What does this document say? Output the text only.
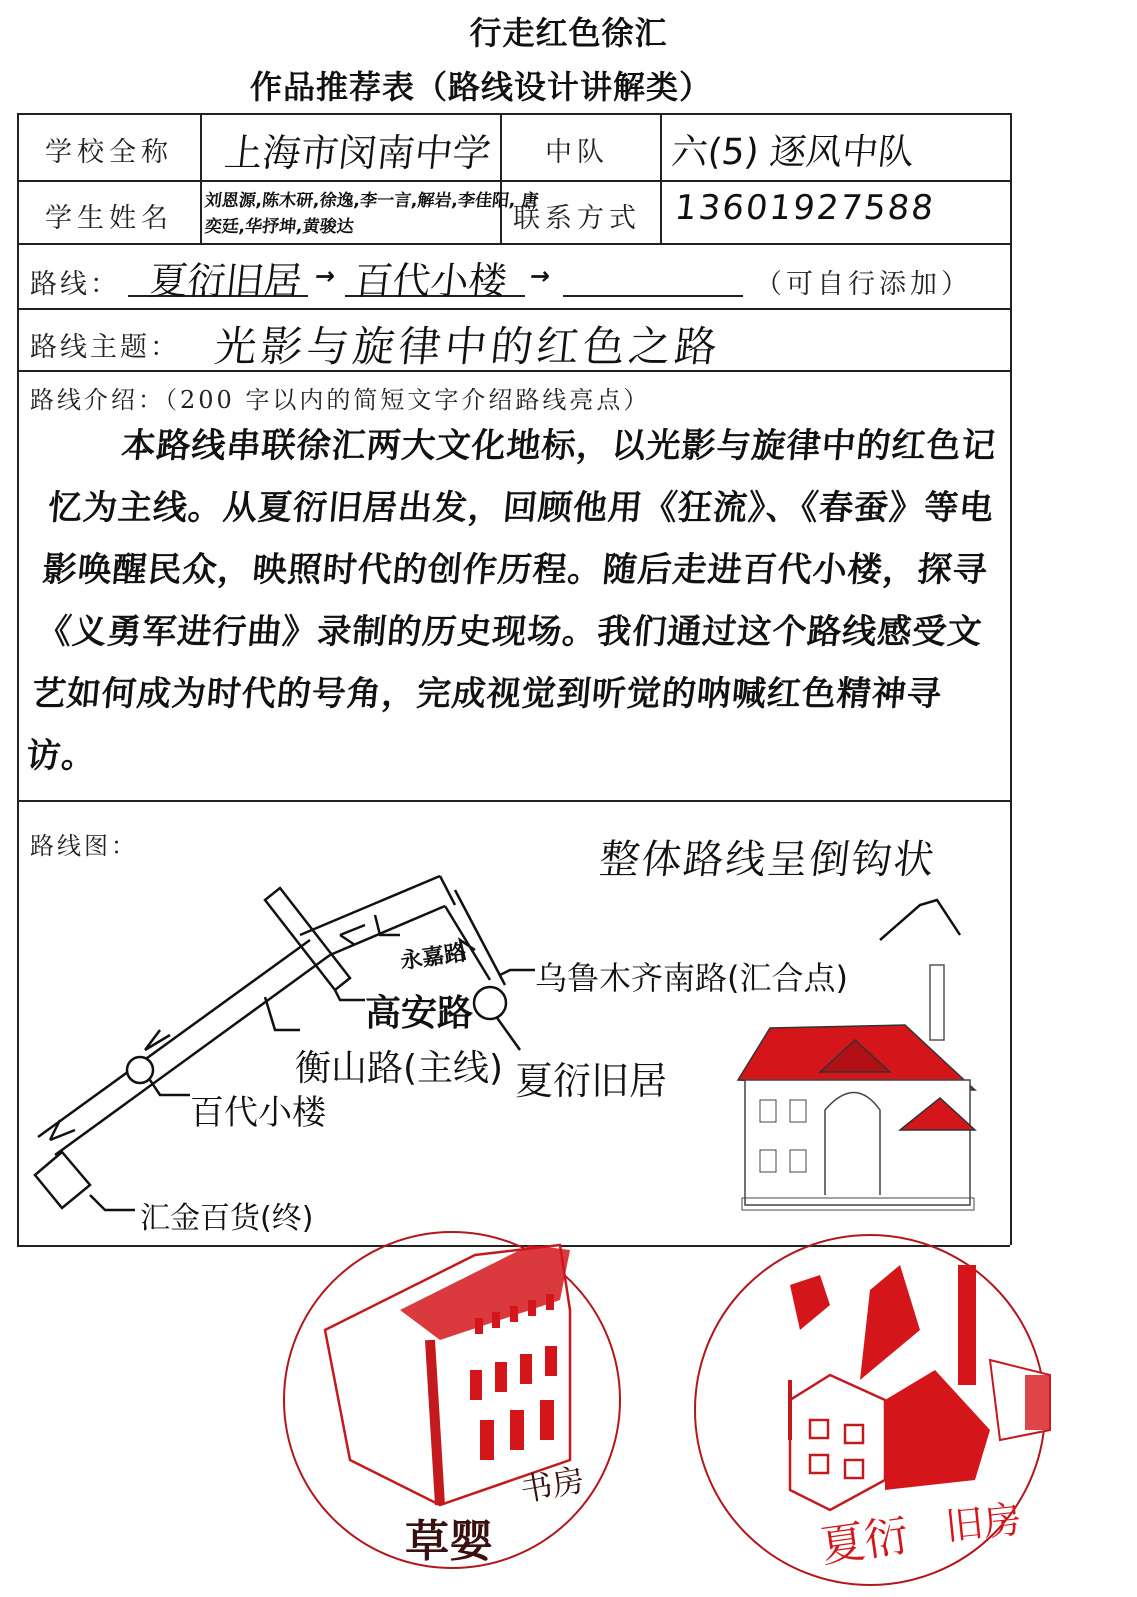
行走红色徐汇
作品推荐表（路线设计讲解类）
学校全称 上海市闵南中学 中队 六(5) 逐风中队
学生姓名
刘恩源,陈木研,徐逸,李一言,解岩,李佳阳, 唐
奕廷,华抒坤,黄骏达	联系方式 13601927588
路线： 夏衍旧居 → 百代小楼 →	（可自行添加）
路线主题： 光影与旋律中的红色之路
路线介绍：（200 字以内的简短文字介绍路线亮点）
本路线串联徐汇两大文化地标，以光影与旋律中的红色记忆为主线。从夏衍旧居出发，回顾他用《狂流》、《春蚕》等电影唤醒民众，映照时代的创作历程。随后走进百代小楼，探寻《义勇军进行曲》录制的历史现场。我们通过这个路线感受文艺如何成为时代的号角，完成视觉到听觉的呐喊红色精神寻访。
路线图：	整体路线呈倒钩状
永嘉路
高安路
衡山路(主线)
乌鲁木齐南路(汇合点)
夏衍旧居
百代小楼
汇金百货(终)
草婴
书房
夏衍 旧房
